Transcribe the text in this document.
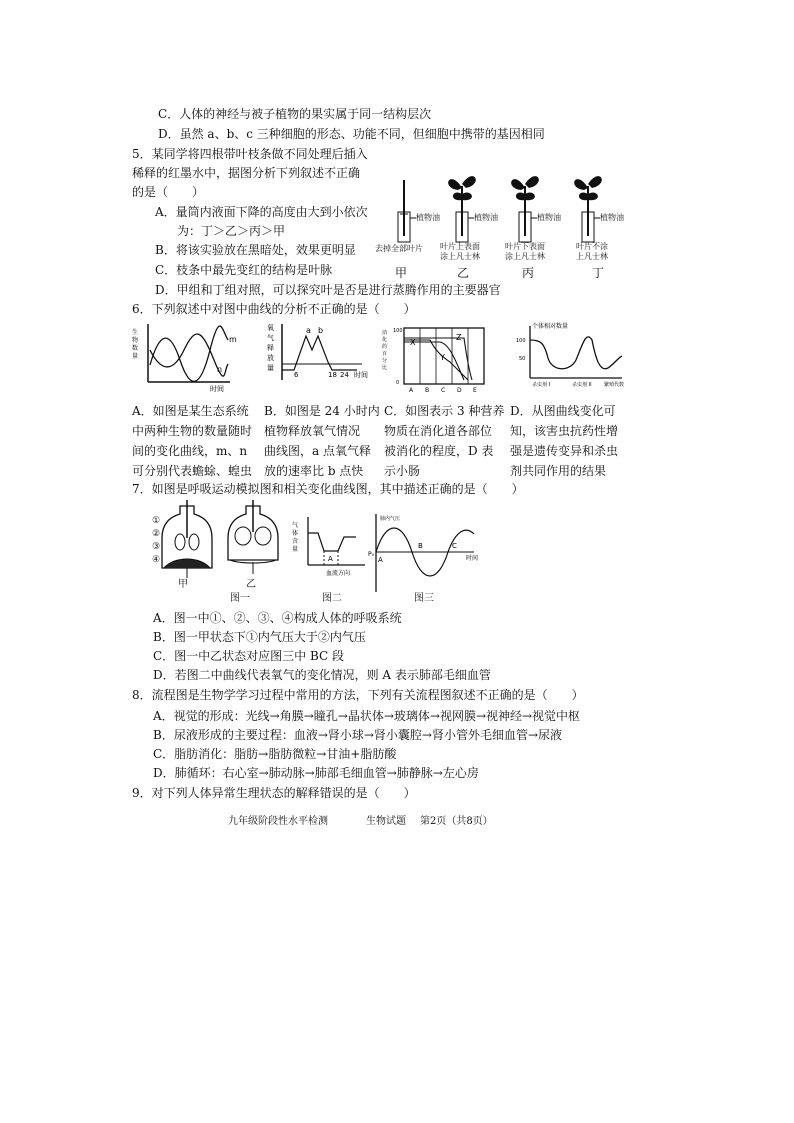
C．人体的神经与被子植物的果实属于同一结构层次
D．虽然 a、b、c 三种细胞的形态、功能不同，但细胞中携带的基因相同
5．某同学将四根带叶枝条做不同处理后插入
稀释的红墨水中，据图分析下列叙述不正确
的是（　　）
A．量筒内液面下降的高度由大到小依次
为：丁＞乙＞丙＞甲
B．将该实验放在黑暗处，效果更明显
C．枝条中最先变红的结构是叶脉
D．甲组和丁组对照，可以探究叶是否是进行蒸腾作用的主要器官
植物油	植物油	植物油	植物油
去掉全部叶片 叶片上表面
涂上凡士林
叶片下表面
涂上凡士林
叶片不涂
上凡士林
甲	乙	丙	丁
6．下列叙述中对图中曲线的分析不正确的是（　　）
生
物
数
量
m
n
时间
氧
气
释
放
量
a b
6	18 24 时间
消
化
的
百
分
比
100
0
X
Y
Z
A B C D E
个体相对数量
100
50
杀虫剂 I	杀虫剂 II 繁殖代数
A．如图是某生态系统
中两种生物的数量随时
间的变化曲线，m、n
可分别代表蟾蜍、蝗虫
B．如图是 24 小时内
植物释放氧气情况
曲线图，a 点氧气释
放的速率比 b 点快
C．如图表示 3 种营养
物质在消化道各部位
被消化的程度，D 表
示小肠
D．从图曲线变化可
知，该害虫抗药性增
强是遗传变异和杀虫
剂共同作用的结果
7．如图是呼吸运动模拟图和相关变化曲线图，其中描述正确的是（　　）
①
②
③
④
甲	乙
A
气
体
含
量
血流方向
P₀
A
B	C
时间
肺内气压
图一	图二	图三
A．图一中①、②、③、④构成人体的呼吸系统
B．图一甲状态下①内气压大于②内气压
C．图一中乙状态对应图三中 BC 段
D．若图二中曲线代表氧气的变化情况，则 A 表示肺部毛细血管
8．流程图是生物学学习过程中常用的方法，下列有关流程图叙述不正确的是（　　）
A．视觉的形成：光线→角膜→瞳孔→晶状体→玻璃体→视网膜→视神经→视觉中枢
B．尿液形成的主要过程：血液→肾小球→肾小囊腔→肾小管外毛细血管→尿液
C．脂肪消化：脂肪→脂肪微粒→甘油+脂肪酸
D．肺循环：右心室→肺动脉→肺部毛细血管→肺静脉→左心房
9．对下列人体异常生理状态的解释错误的是（　　）
九年级阶段性水平检测	生物试题 第2页（共8页）
